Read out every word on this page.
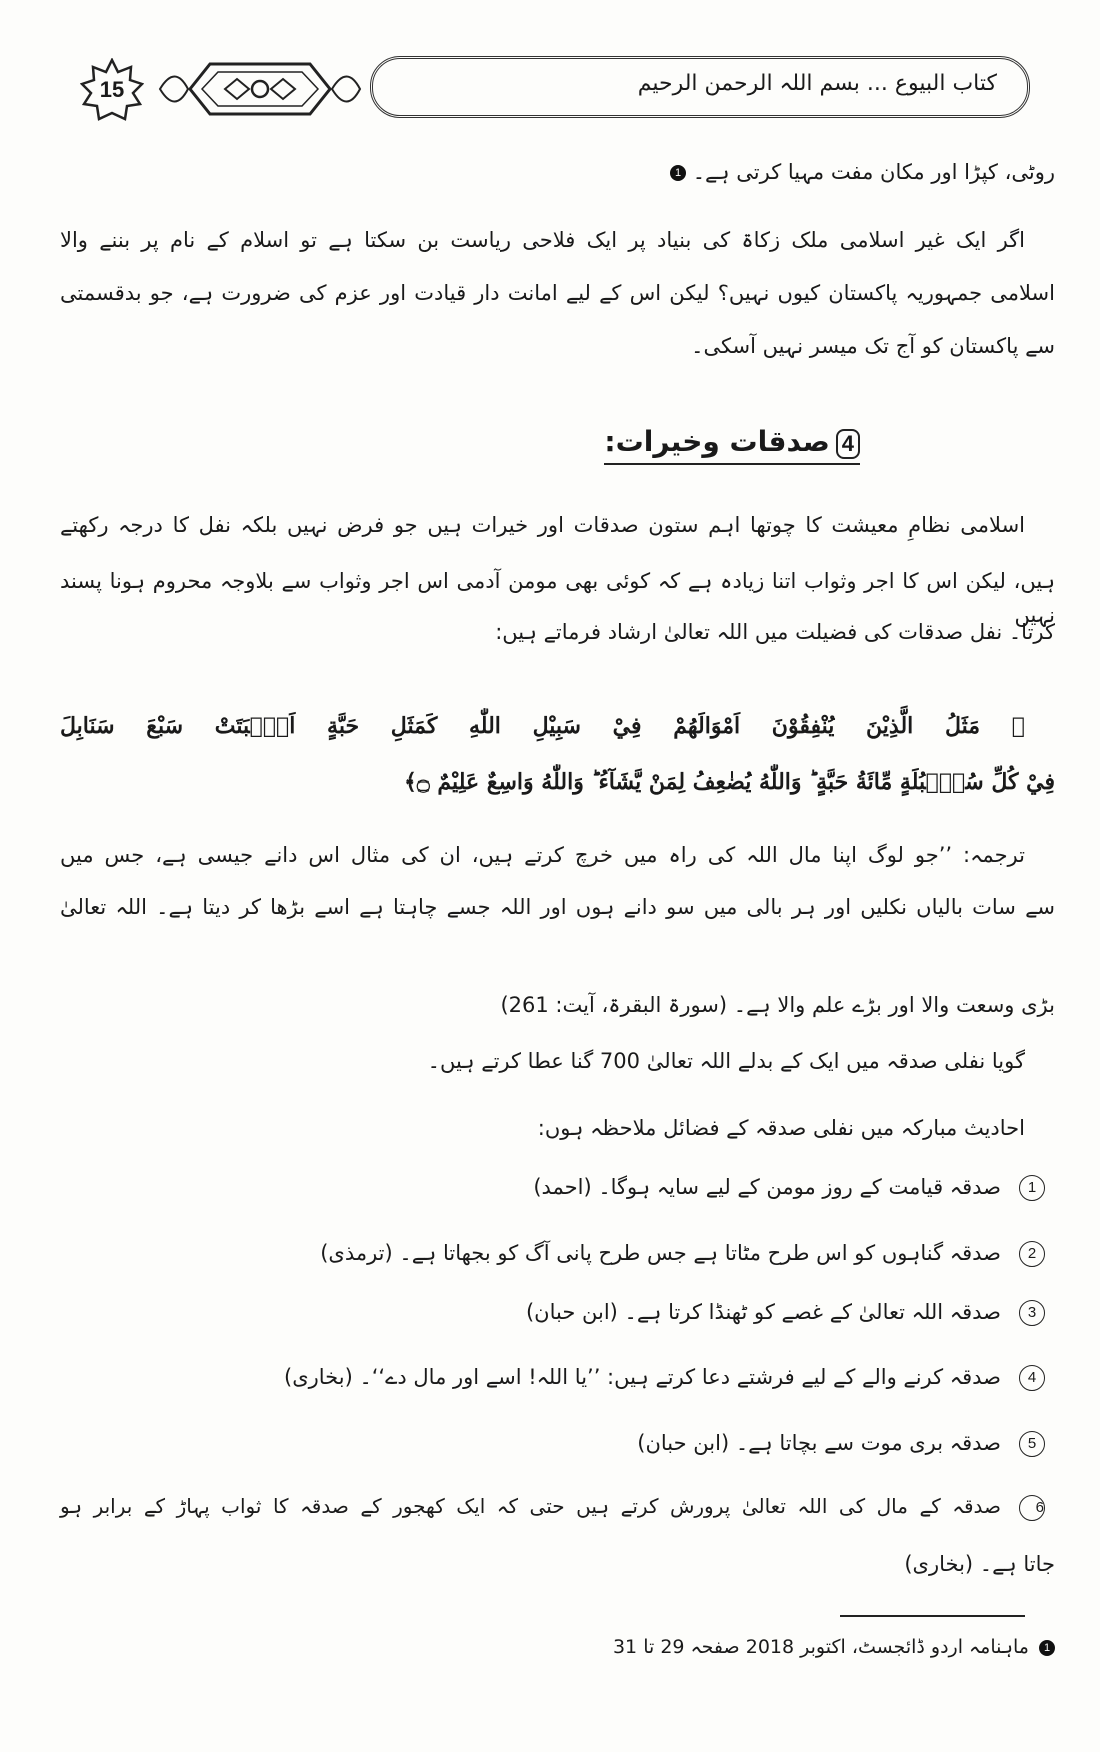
15	کتاب البیوع ... بسم اللہ الرحمن الرحیم
روٹی، کپڑا اور مکان مفت مہیا کرتی ہے۔ 1
اگر ایک غیر اسلامی ملک زکاۃ کی بنیاد پر ایک فلاحی ریاست بن سکتا ہے تو اسلام کے نام پر بننے والا
اسلامی جمہوریہ پاکستان کیوں نہیں؟ لیکن اس کے لیے امانت دار قیادت اور عزم کی ضرورت ہے، جو بدقسمتی
سے پاکستان کو آج تک میسر نہیں آسکی۔
4صدقات وخیرات:
اسلامی نظامِ معیشت کا چوتھا اہم ستون صدقات اور خیرات ہیں جو فرض نہیں بلکہ نفل کا درجہ رکھتے
ہیں، لیکن اس کا اجر وثواب اتنا زیادہ ہے کہ کوئی بھی مومن آدمی اس اجر وثواب سے بلاوجہ محروم ہونا پسند نہیں
کرتا۔ نفل صدقات کی فضیلت میں اللہ تعالیٰ ارشاد فرماتے ہیں:
﴿ مَثَلُ الَّذِيْنَ يُنْفِقُوْنَ اَمْوَالَهُمْ فِيْ سَبِيْلِ اللّٰهِ كَمَثَلِ حَبَّةٍ اَنْۢبَتَتْ سَبْعَ سَنَابِلَ
فِيْ كُلِّ سُنْۢبُلَةٍ مِّائَةُ حَبَّةٍ ؕ وَاللّٰهُ يُضٰعِفُ لِمَنْ يَّشَآءُ ؕ وَاللّٰهُ وَاسِعٌ عَلِيْمٌ ۝﴾
ترجمہ: ’’جو لوگ اپنا مال اللہ کی راہ میں خرچ کرتے ہیں، ان کی مثال اس دانے جیسی ہے، جس میں
سے سات بالیاں نکلیں اور ہر بالی میں سو دانے ہوں اور اللہ جسے چاہتا ہے اسے بڑھا کر دیتا ہے۔ اللہ تعالیٰ
بڑی وسعت والا اور بڑے علم والا ہے۔ (سورۃ البقرۃ، آیت: 261)
گویا نفلی صدقہ میں ایک کے بدلے اللہ تعالیٰ 700 گنا عطا کرتے ہیں۔
احادیث مبارکہ میں نفلی صدقہ کے فضائل ملاحظہ ہوں:
1صدقہ قیامت کے روز مومن کے لیے سایہ ہوگا۔ (احمد)
2صدقہ گناہوں کو اس طرح مٹاتا ہے جس طرح پانی آگ کو بجھاتا ہے۔ (ترمذی)
3صدقہ اللہ تعالیٰ کے غصے کو ٹھنڈا کرتا ہے۔ (ابن حبان)
4صدقہ کرنے والے کے لیے فرشتے دعا کرتے ہیں: ’’یا اللہ! اسے اور مال دے‘‘۔ (بخاری)
5صدقہ بری موت سے بچاتا ہے۔ (ابن حبان)
6صدقہ کے مال کی اللہ تعالیٰ پرورش کرتے ہیں حتی کہ ایک کھجور کے صدقہ کا ثواب پہاڑ کے برابر ہو
جاتا ہے۔ (بخاری)
1 ماہنامہ اردو ڈائجسٹ، اکتوبر 2018 صفحہ 29 تا 31
